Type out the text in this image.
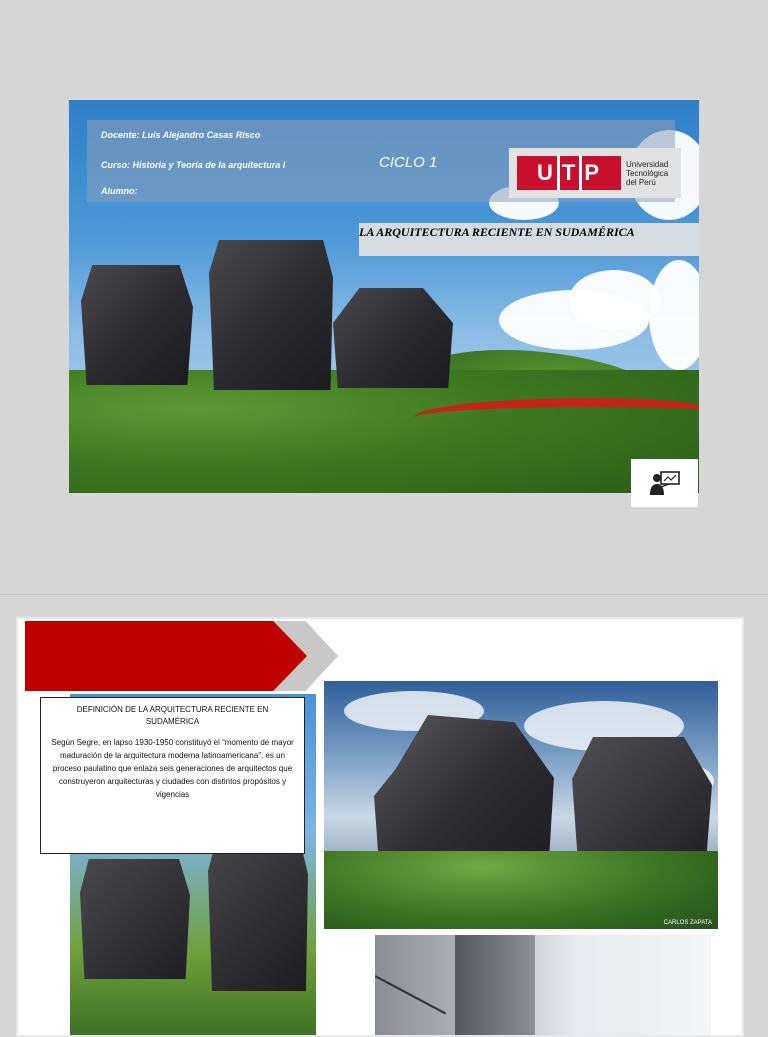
Docente: Luis Alejandro Casas Risco
Curso: Historia y Teoría de la arquitectura I
Alumno:
CICLO 1	U T P	Universidad
Tecnológica
del Perú
LA ARQUITECTURA RECIENTE EN SUDAMÉRICA
DEFINICIÓN DE LA ARQUITECTURA RECIENTE EN SUDAMÉRICA
Según Segre, en lapso 1930-1950 constituyó el “momento de mayor maduración de la arquitectura moderna latinoamericana”, es un proceso paulatino que enlaza seis generaciones de arquitectos que construyeron arquitecturas y ciudades con distintos propósitos y vigencias
CARLOS ZAPATA
